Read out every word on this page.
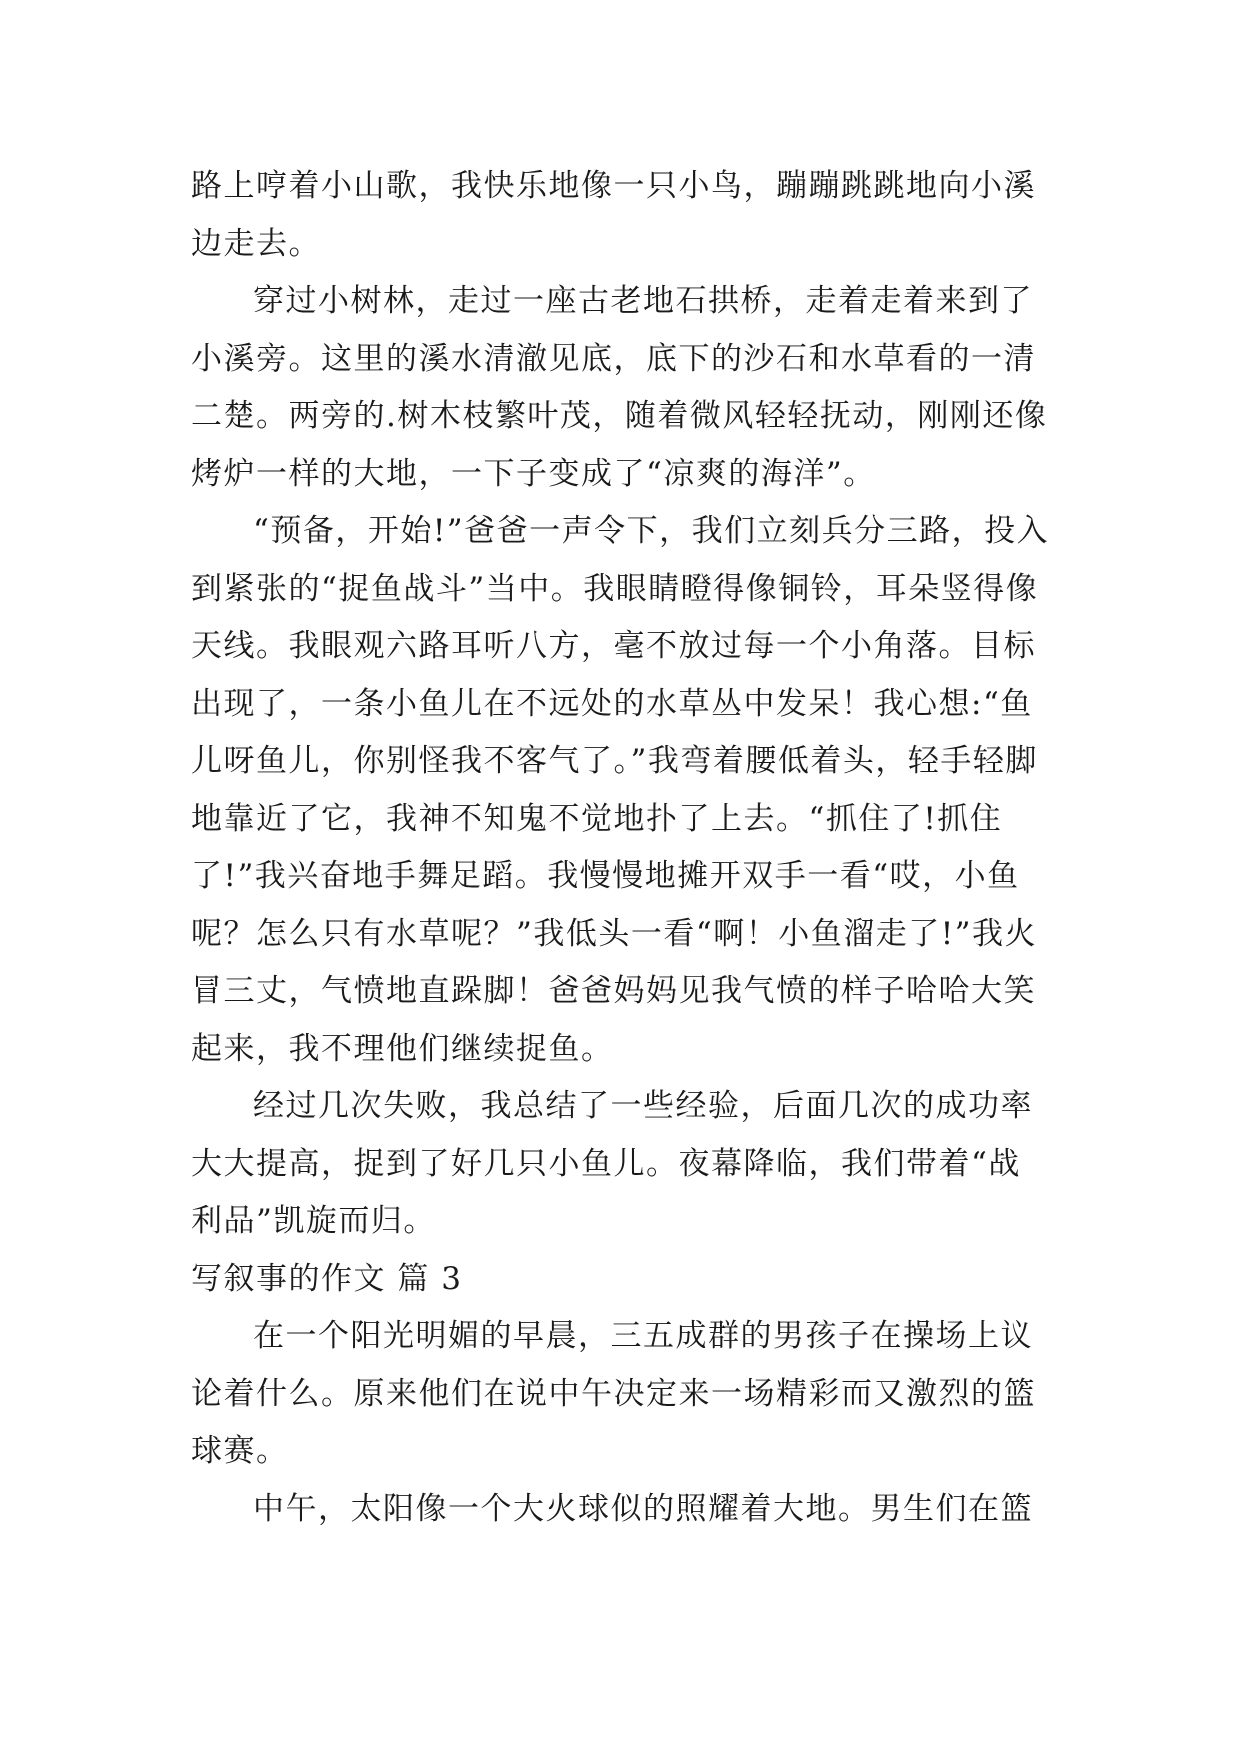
路上哼着小山歌，我快乐地像一只小鸟，蹦蹦跳跳地向小溪边走去。

穿过小树林，走过一座古老地石拱桥，走着走着来到了小溪旁。这里的溪水清澈见底，底下的沙石和水草看的一清二楚。两旁的.树木枝繁叶茂，随着微风轻轻抚动，刚刚还像烤炉一样的大地，一下子变成了“凉爽的海洋”。

“预备，开始!”爸爸一声令下，我们立刻兵分三路，投入到紧张的“捉鱼战斗”当中。我眼睛瞪得像铜铃，耳朵竖得像天线。我眼观六路耳听八方，毫不放过每一个小角落。目标出现了，一条小鱼儿在不远处的水草丛中发呆！我心想:“鱼儿呀鱼儿，你别怪我不客气了。”我弯着腰低着头，轻手轻脚地靠近了它，我神不知鬼不觉地扑了上去。“抓住了!抓住了!”我兴奋地手舞足蹈。我慢慢地摊开双手一看“哎，小鱼呢？怎么只有水草呢？”我低头一看“啊！小鱼溜走了!”我火冒三丈，气愤地直跺脚！爸爸妈妈见我气愤的样子哈哈大笑起来，我不理他们继续捉鱼。

经过几次失败，我总结了一些经验，后面几次的成功率大大提高，捉到了好几只小鱼儿。夜幕降临，我们带着“战利品”凯旋而归。

写叙事的作文 篇 3

在一个阳光明媚的早晨，三五成群的男孩子在操场上议论着什么。原来他们在说中午决定来一场精彩而又激烈的篮球赛。

中午，太阳像一个大火球似的照耀着大地。男生们在篮
